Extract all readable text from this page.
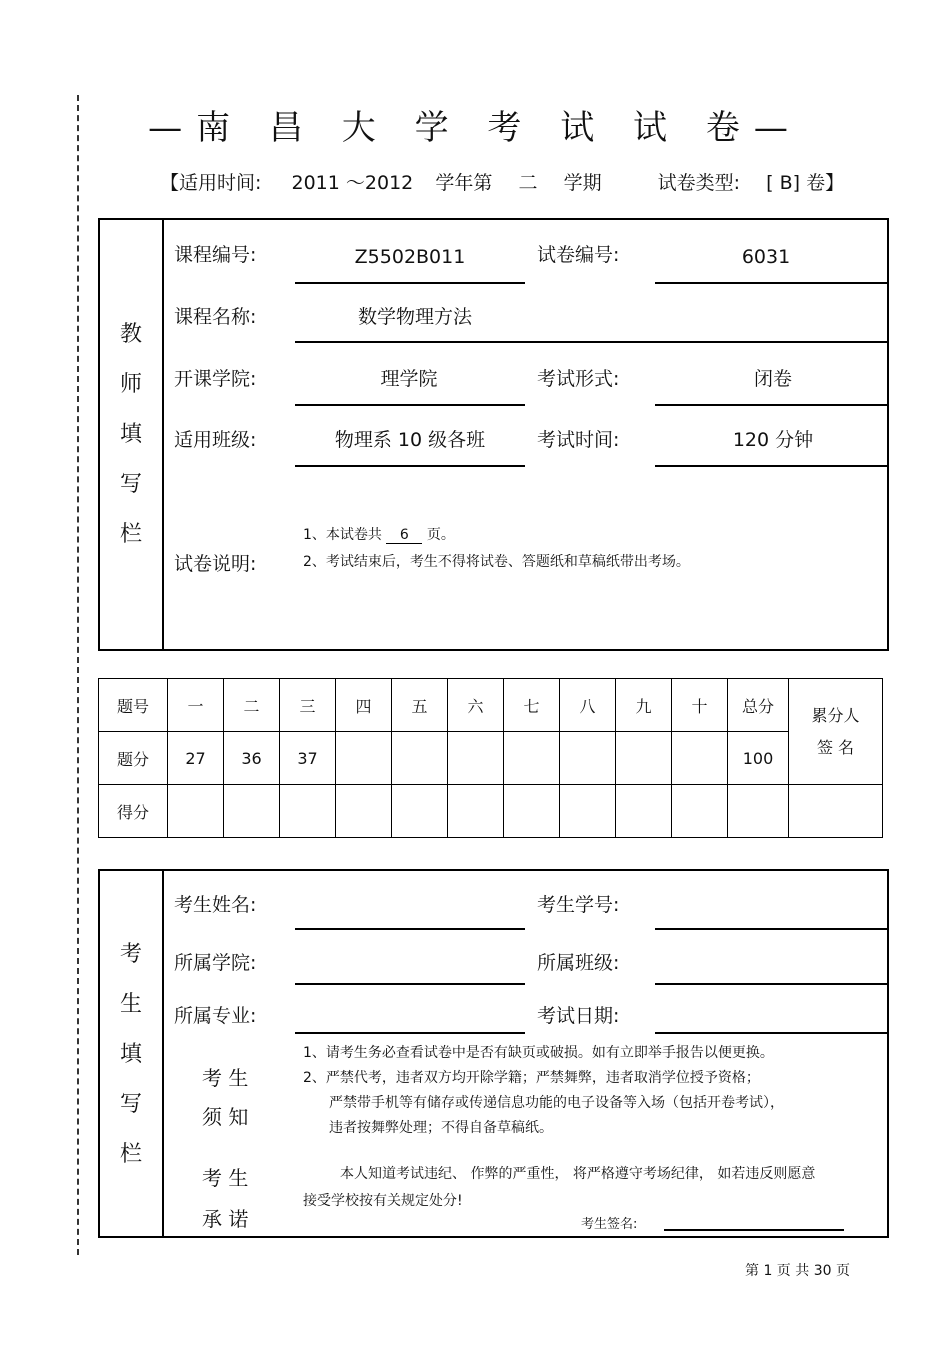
—南 昌 大 学 考 试 试 卷—
【适用时间: 2011 ～2012 学年第 二 学期	试卷类型: [ B] 卷】
教
师
填
写
栏
课程编号:	Z5502B011	试卷编号:	6031
课程名称:	数学物理方法
开课学院:	理学院	考试形式:	闭卷
适用班级:	物理系 10 级各班	考试时间:	120 分钟
试卷说明:
1、本试卷共 6 页。
2、考试结束后，考生不得将试卷、答题纸和草稿纸带出考场。
题号	一	二	三	四	五	六	七	八	九	十	总分	累分人
签 名

题分	27	36	37								100	
得分												
考
生
填
写
栏
考生姓名:	考生学号:
所属学院:	所属班级:
所属专业:	考试日期:
考 生
须 知
1、请考生务必查看试卷中是否有缺页或破损。如有立即举手报告以便更换。
2、严禁代考，违者双方均开除学籍；严禁舞弊，违者取消学位授予资格；
严禁带手机等有储存或传递信息功能的电子设备等入场（包括开卷考试），
违者按舞弊处理；不得自备草稿纸。
考 生
承 诺
本人知道考试违纪、 作弊的严重性， 将严格遵守考场纪律， 如若违反则愿意
接受学校按有关规定处分!
考生签名:
第 1 页 共 30 页
